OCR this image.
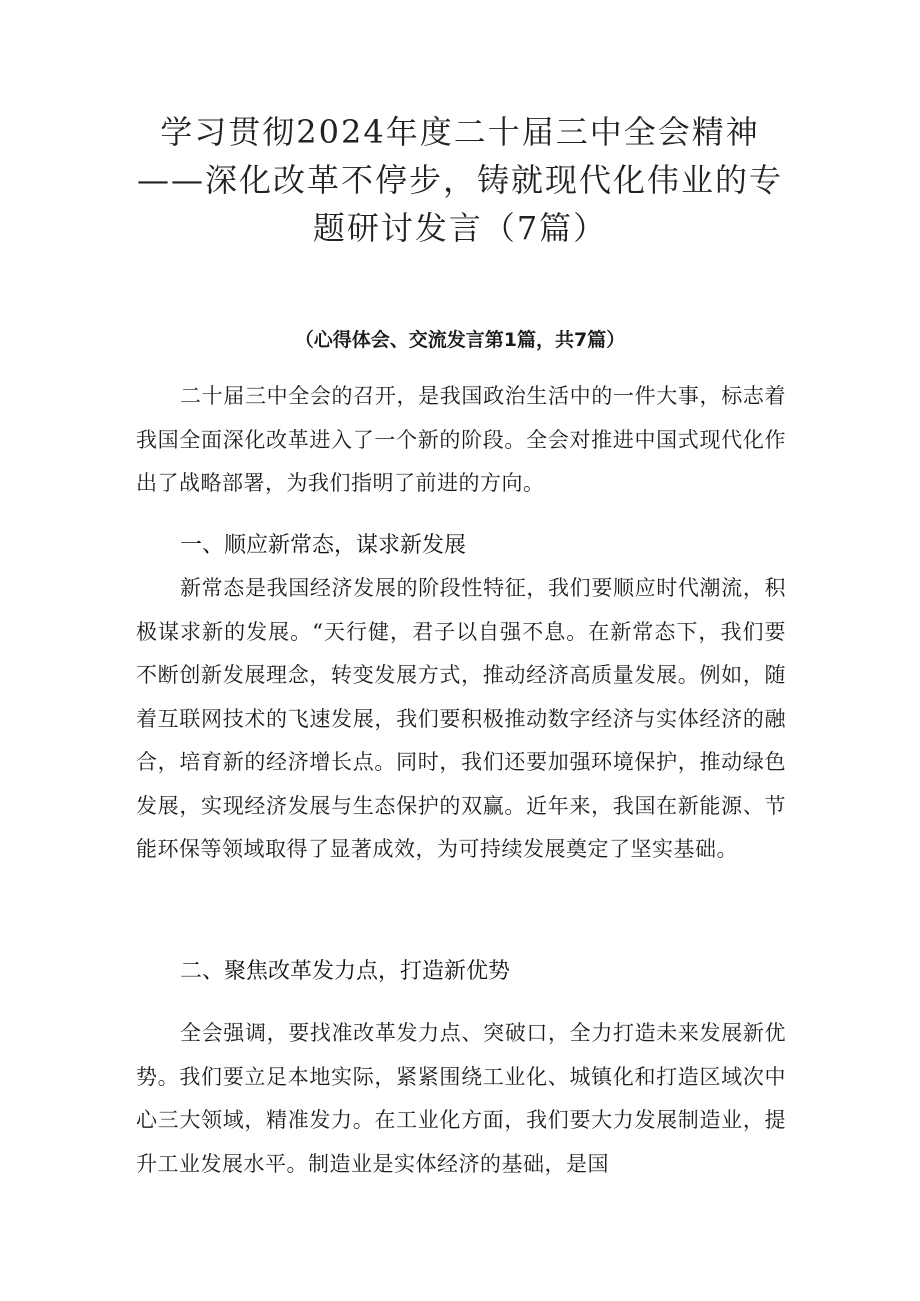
学习贯彻2024年度二十届三中全会精神——深化改革不停步，铸就现代化伟业的专题研讨发言（7篇）

（心得体会、交流发言第1篇，共7篇）

二十届三中全会的召开，是我国政治生活中的一件大事，标志着我国全面深化改革进入了一个新的阶段。全会对推进中国式现代化作出了战略部署，为我们指明了前进的方向。

一、顺应新常态，谋求新发展

新常态是我国经济发展的阶段性特征，我们要顺应时代潮流，积极谋求新的发展。“天行健，君子以自强不息。在新常态下，我们要不断创新发展理念，转变发展方式，推动经济高质量发展。例如，随着互联网技术的飞速发展，我们要积极推动数字经济与实体经济的融合，培育新的经济增长点。同时，我们还要加强环境保护，推动绿色发展，实现经济发展与生态保护的双赢。近年来，我国在新能源、节能环保等领域取得了显著成效，为可持续发展奠定了坚实基础。

二、聚焦改革发力点，打造新优势

全会强调，要找准改革发力点、突破口，全力打造未来发展新优势。我们要立足本地实际，紧紧围绕工业化、城镇化和打造区域次中心三大领域，精准发力。在工业化方面，我们要大力发展制造业，提升工业发展水平。制造业是实体经济的基础，是国
